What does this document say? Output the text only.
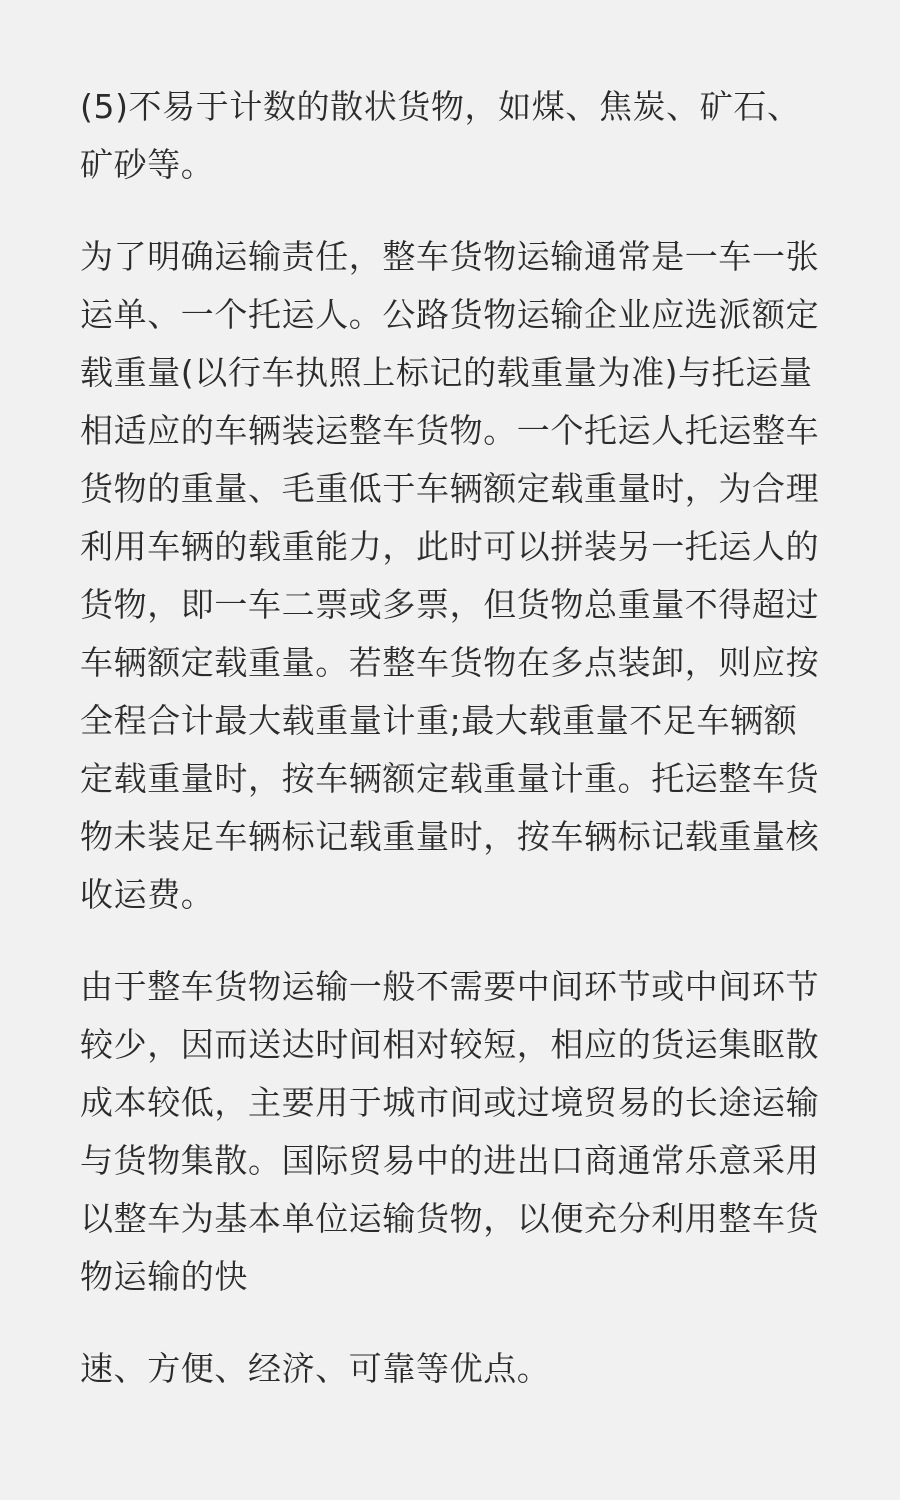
(5)不易于计数的散状货物，如煤、焦炭、矿石、
矿砂等。

为了明确运输责任，整车货物运输通常是一车一张
运单、一个托运人。公路货物运输企业应选派额定
载重量(以行车执照上标记的载重量为准)与托运量
相适应的车辆装运整车货物。一个托运人托运整车
货物的重量、毛重低于车辆额定载重量时，为合理
利用车辆的载重能力，此时可以拼装另一托运人的
货物，即一车二票或多票，但货物总重量不得超过
车辆额定载重量。若整车货物在多点装卸，则应按
全程合计最大载重量计重;最大载重量不足车辆额
定载重量时，按车辆额定载重量计重。托运整车货
物未装足车辆标记载重量时，按车辆标记载重量核
收运费。

由于整车货物运输一般不需要中间环节或中间环节
较少，因而送达时间相对较短，相应的货运集眍散
成本较低，主要用于城市间或过境贸易的长途运输
与货物集散。国际贸易中的进出口商通常乐意采用
以整车为基本单位运输货物，以便充分利用整车货
物运输的快

速、方便、经济、可靠等优点。
